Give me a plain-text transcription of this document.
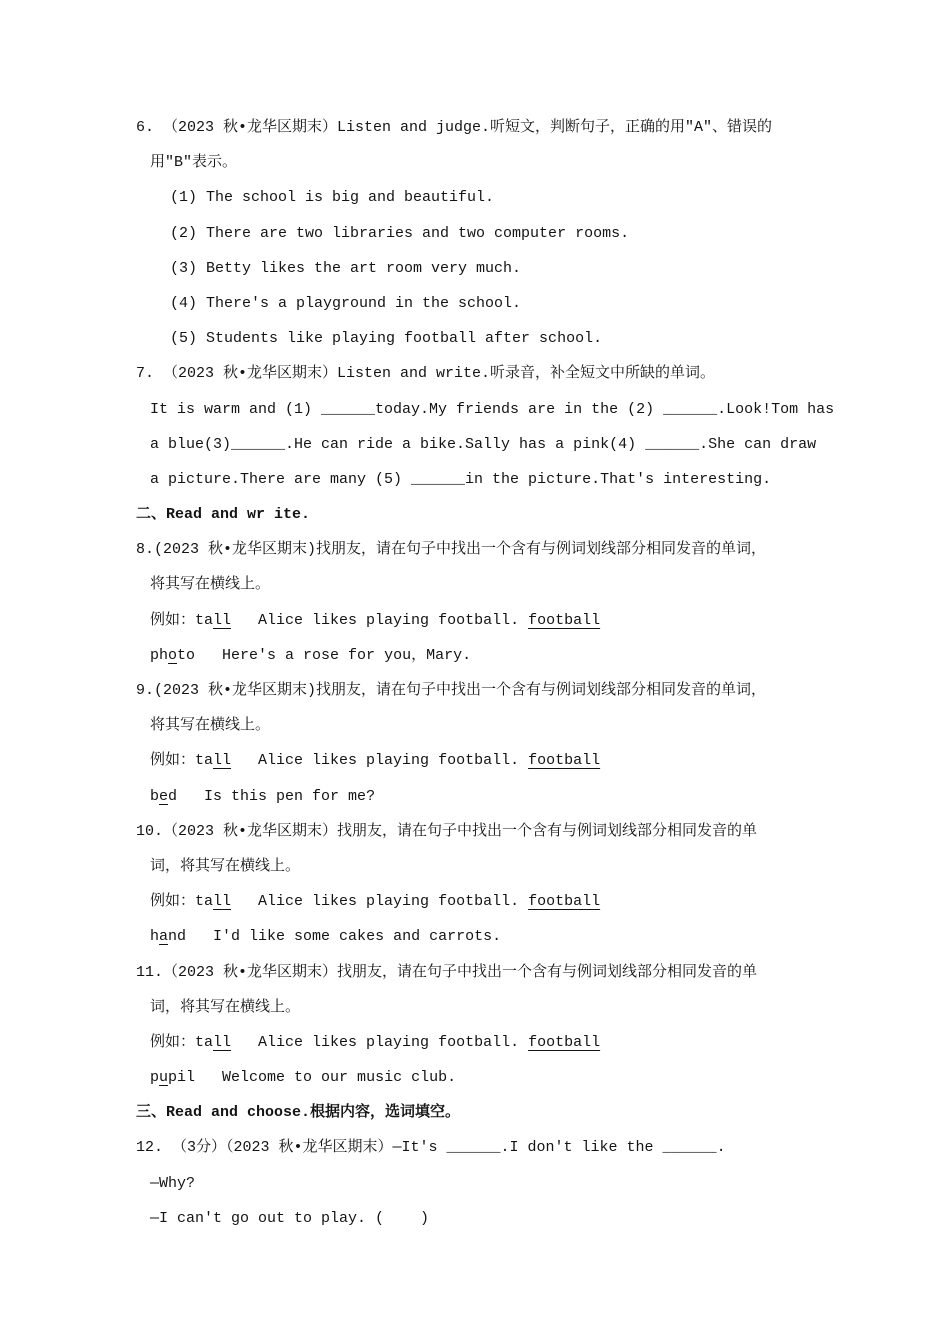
6. （2023 秋•龙华区期末）Listen and judge.听短文，判断句子，正确的用"A"、错误的
用"B"表示。
(1) The school is big and beautiful.
(2) There are two libraries and two computer rooms.
(3) Betty likes the art room very much.
(4) There's a playground in the school.
(5) Students like playing football after school.
7. （2023 秋•龙华区期末）Listen and write.听录音，补全短文中所缺的单词。
It is warm and (1) ______today.My friends are in the (2) ______.Look!Tom has
a blue(3)______.He can ride a bike.Sally has a pink(4) ______.She can draw
a picture.There are many (5) ______in the picture.That's interesting.
二、Read and wr ite.
8.(2023 秋•龙华区期末)找朋友，请在句子中找出一个含有与例词划线部分相同发音的单词，
将其写在横线上。
例如：tall   Alice likes playing football. football
photo   Here's a rose for you，Mary.
9.(2023 秋•龙华区期末)找朋友，请在句子中找出一个含有与例词划线部分相同发音的单词，
将其写在横线上。
例如：tall   Alice likes playing football. football
bed   Is this pen for me?
10.（2023 秋•龙华区期末）找朋友，请在句子中找出一个含有与例词划线部分相同发音的单
词，将其写在横线上。
例如：tall   Alice likes playing football. football
hand   I'd like some cakes and carrots.
11.（2023 秋•龙华区期末）找朋友，请在句子中找出一个含有与例词划线部分相同发音的单
词，将其写在横线上。
例如：tall   Alice likes playing football. football
pupil   Welcome to our music club.
三、Read and choose.根据内容，选词填空。
12. （3分）（2023 秋•龙华区期末）—It's ______.I don't like the ______.
—Why?
—I can't go out to play. (    )
